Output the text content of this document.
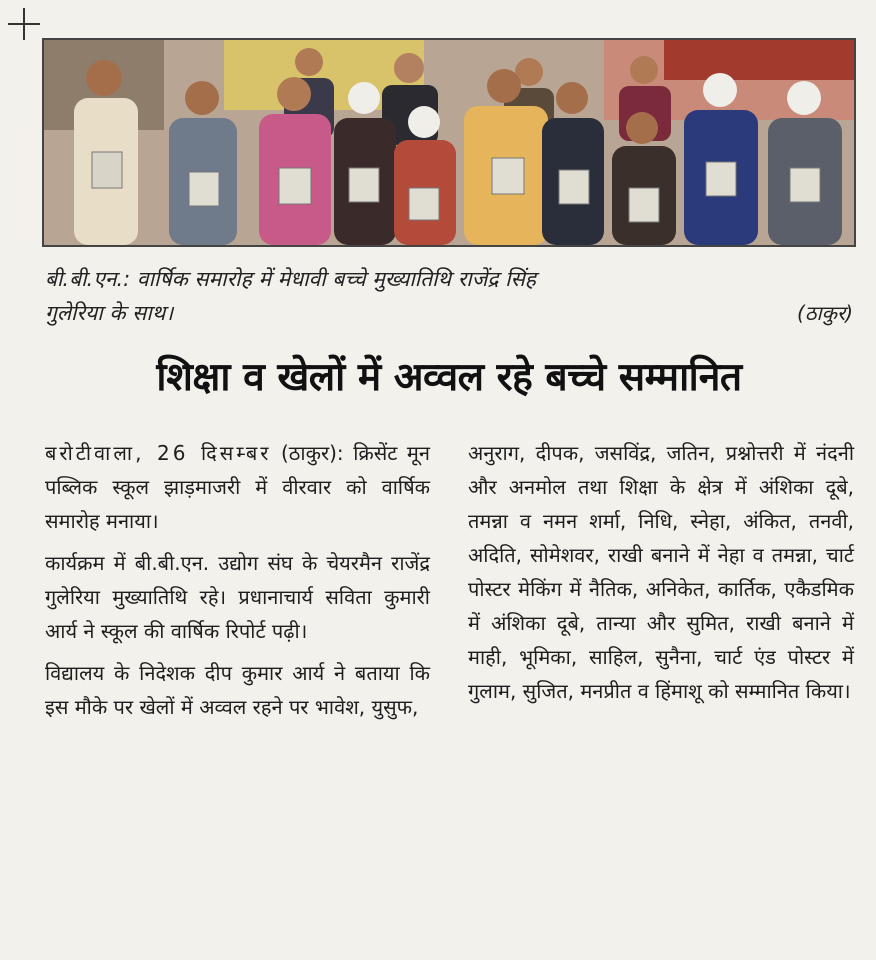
बी.बी.एन.: वार्षिक समारोह में मेधावी बच्चे मुख्यातिथि राजेंद्र सिंह
गुलेरिया के साथ।	(ठाकुर)
शिक्षा व खेलों में अव्वल रहे बच्चे सम्मानित

बरोटीवाला, 26 दिसम्बर (ठाकुर): क्रिसेंट मून पब्लिक स्कूल झाड़माजरी में वीरवार को वार्षिक समारोह मनाया।

कार्यक्रम में बी.बी.एन. उद्योग संघ के चेयरमैन राजेंद्र गुलेरिया मुख्यातिथि रहे। प्रधानाचार्य सविता कुमारी आर्य ने स्कूल की वार्षिक रिपोर्ट पढ़ी।

विद्यालय के निदेशक दीप कुमार आर्य ने बताया कि इस मौके पर खेलों में अव्वल रहने पर भावेश, युसुफ,

अनुराग, दीपक, जसविंद्र, जतिन, प्रश्नोत्तरी में नंदनी और अनमोल तथा शिक्षा के क्षेत्र में अंशिका दूबे, तमन्ना व नमन शर्मा, निधि, स्नेहा, अंकित, तनवी, अदिति, सोमेशवर, राखी बनाने में नेहा व तमन्ना, चार्ट पोस्टर मेकिंग में नैतिक, अनिकेत, कार्तिक, एकैडमिक में अंशिका दूबे, तान्या और सुमित, राखी बनाने में माही, भूमिका, साहिल, सुनैना, चार्ट एंड पोस्टर में गुलाम, सुजित, मनप्रीत व हिंमाशू को सम्मानित किया।
